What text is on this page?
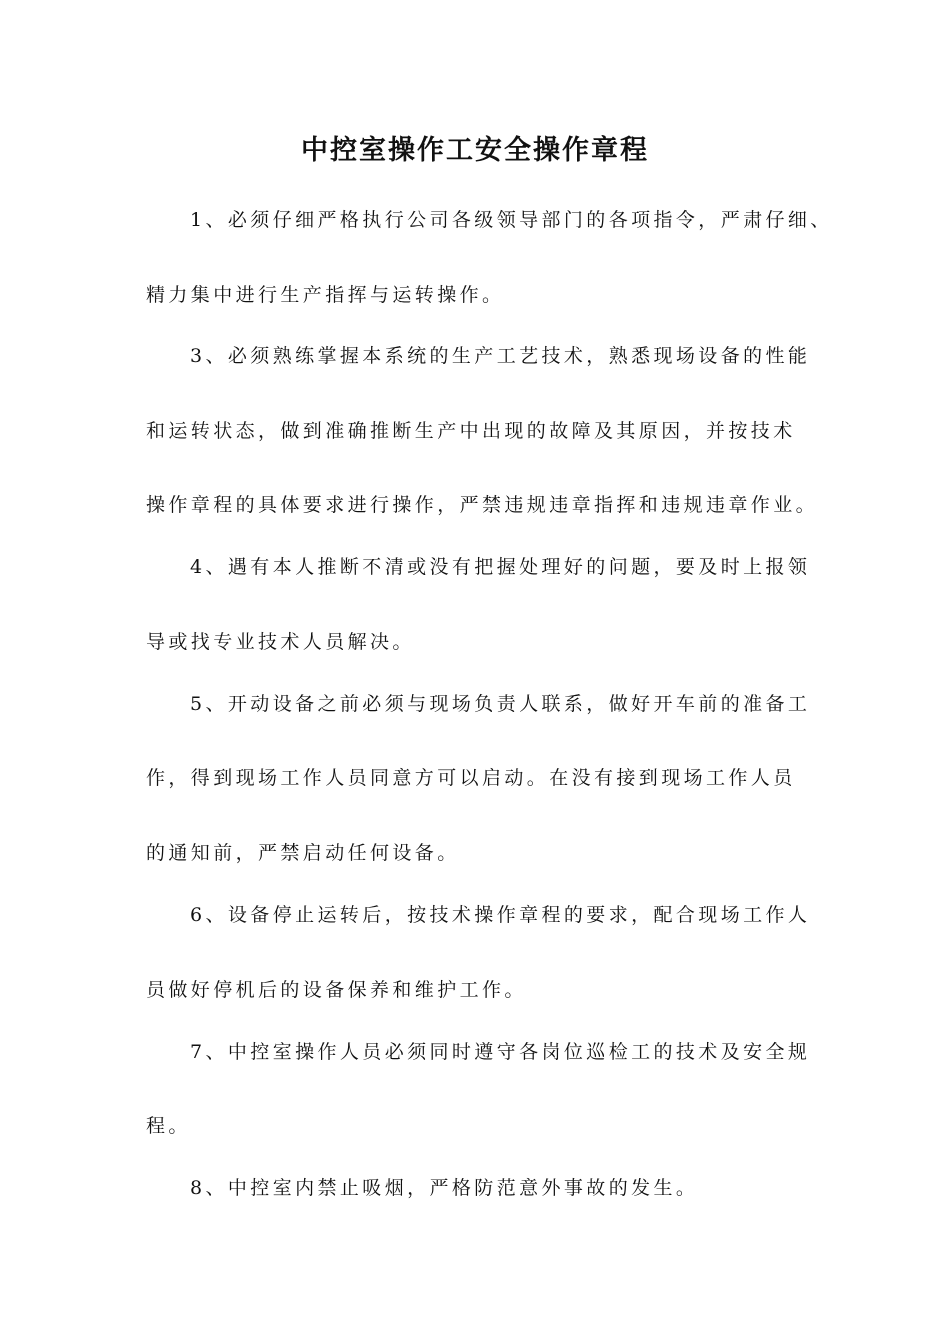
中控室操作工安全操作章程

1、必须仔细严格执行公司各级领导部门的各项指令，严肃仔细、

精力集中进行生产指挥与运转操作。

3、必须熟练掌握本系统的生产工艺技术，熟悉现场设备的性能

和运转状态，做到准确推断生产中出现的故障及其原因，并按技术

操作章程的具体要求进行操作，严禁违规违章指挥和违规违章作业。

4、遇有本人推断不清或没有把握处理好的问题，要及时上报领

导或找专业技术人员解决。

5、开动设备之前必须与现场负责人联系，做好开车前的准备工

作，得到现场工作人员同意方可以启动。在没有接到现场工作人员

的通知前，严禁启动任何设备。

6、设备停止运转后，按技术操作章程的要求，配合现场工作人

员做好停机后的设备保养和维护工作。

7、中控室操作人员必须同时遵守各岗位巡检工的技术及安全规

程。

8、中控室内禁止吸烟，严格防范意外事故的发生。
